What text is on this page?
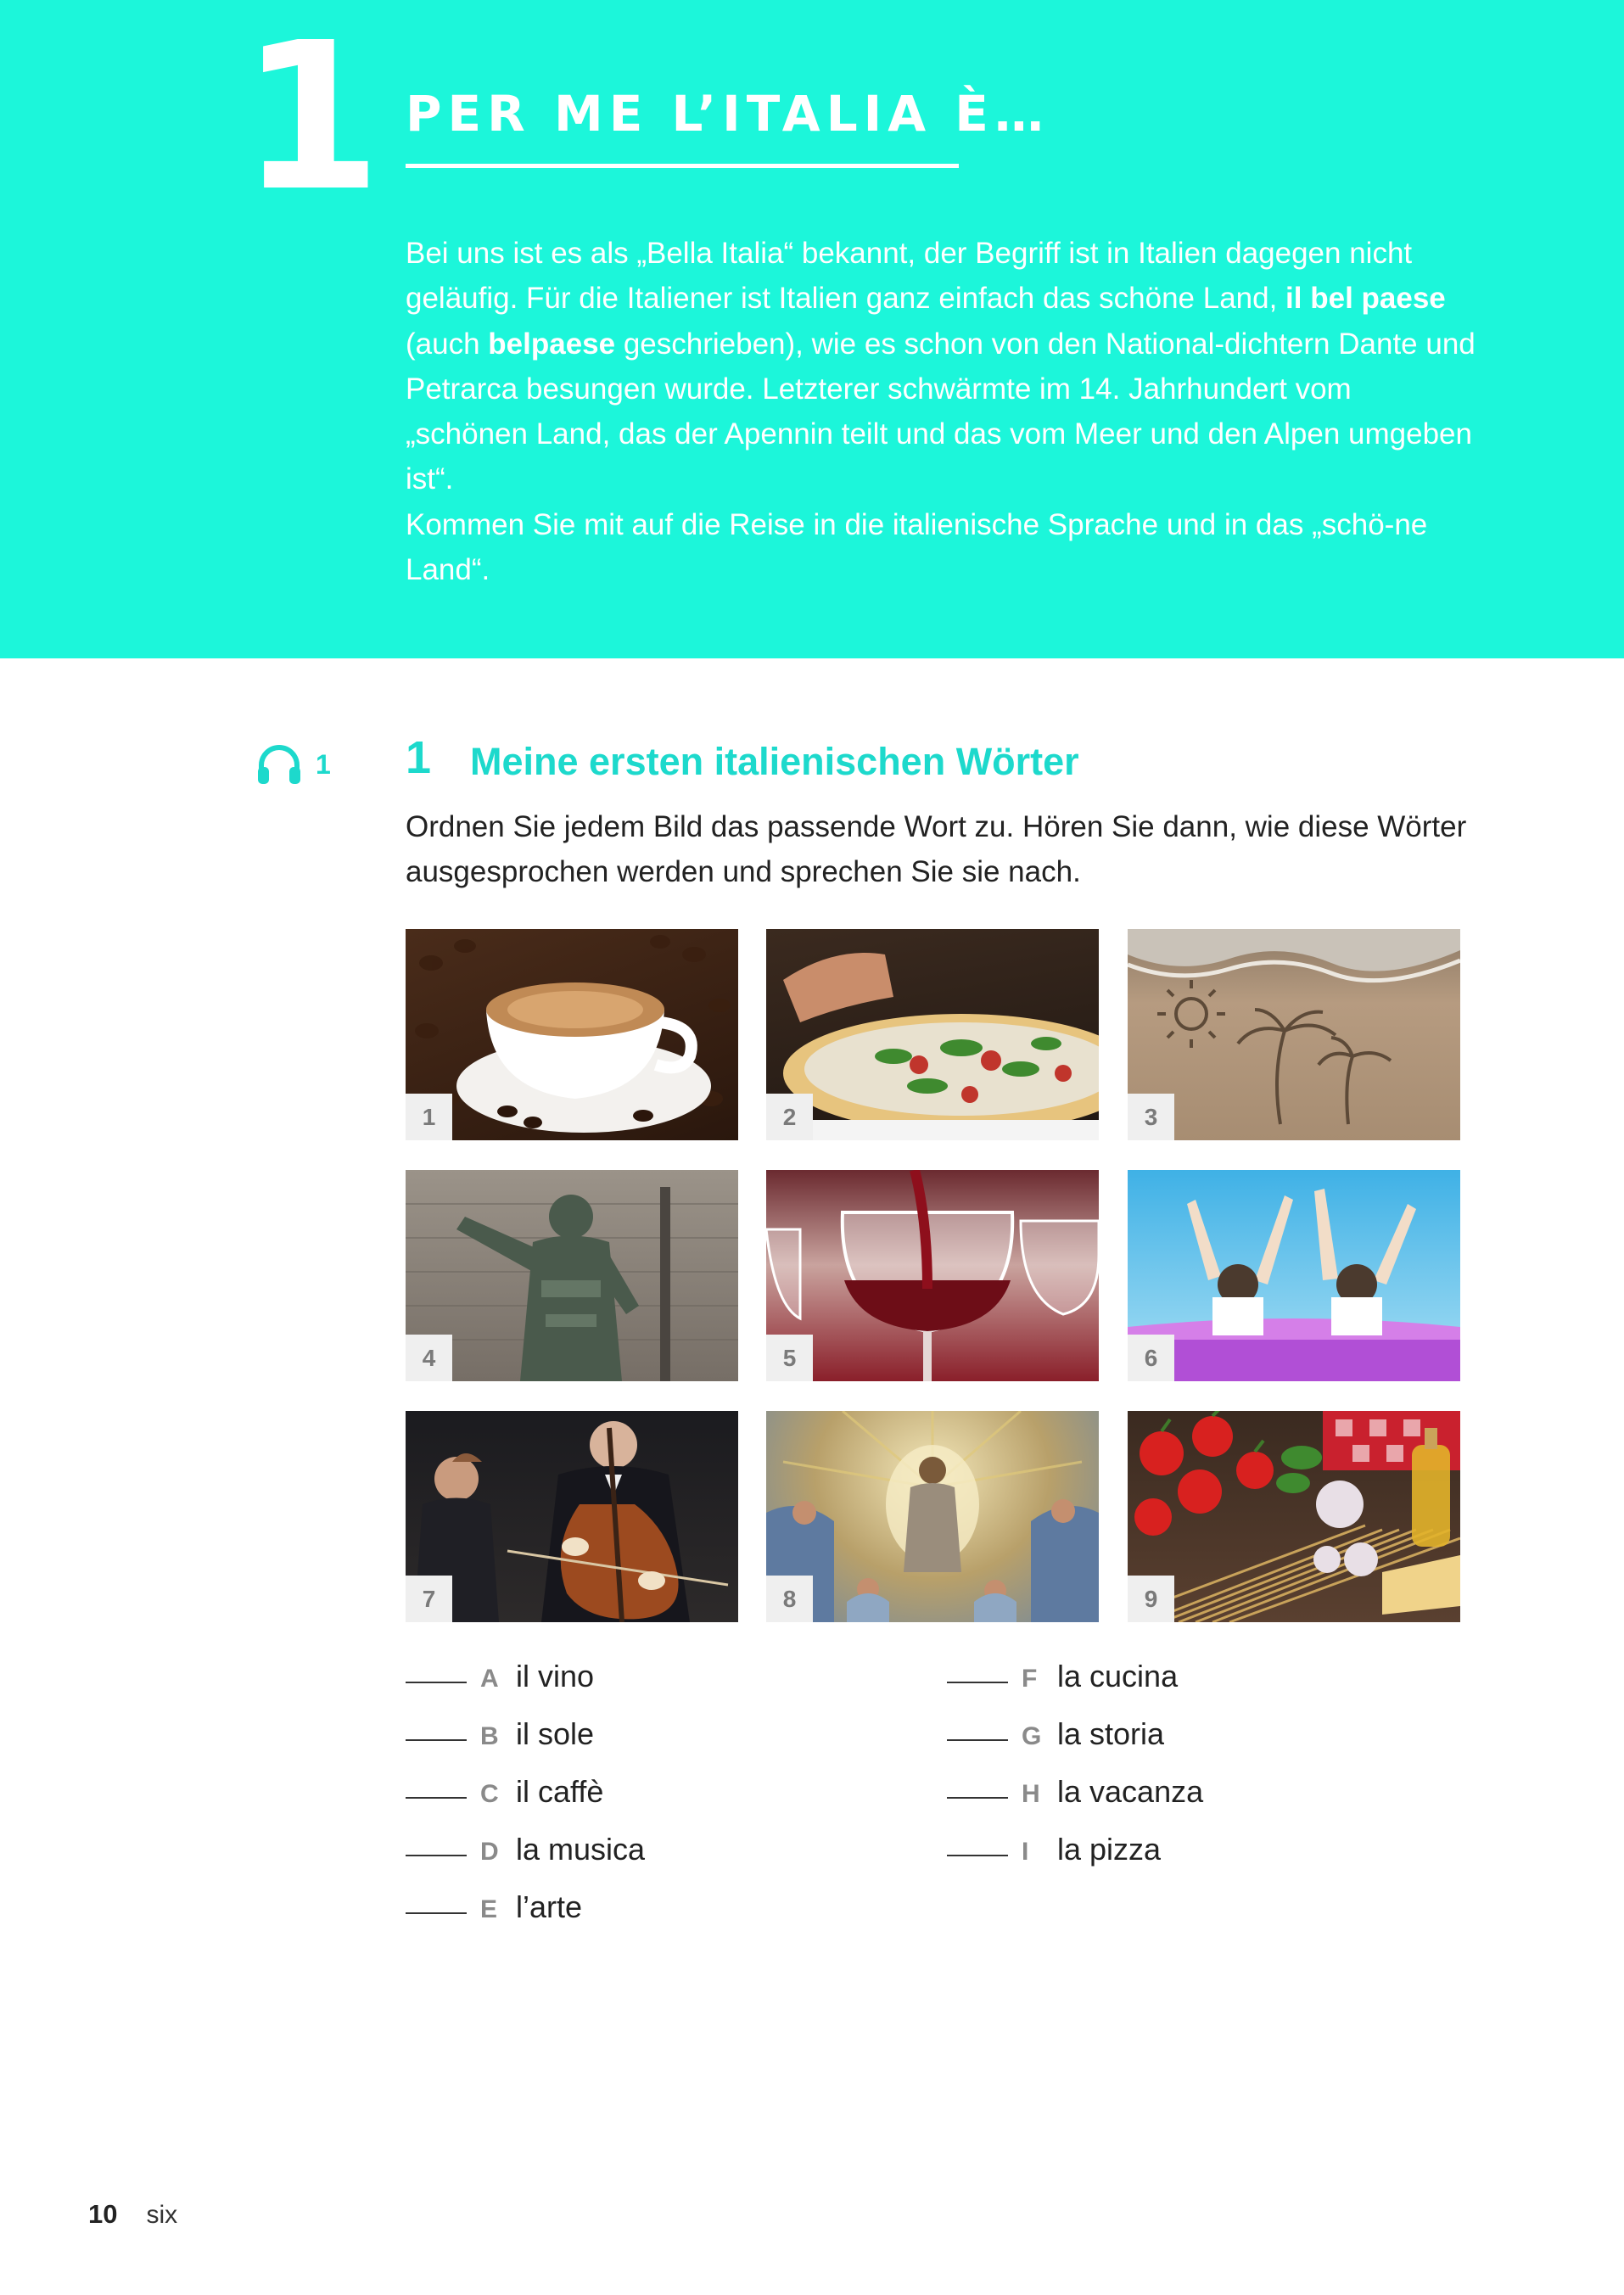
1 PER ME L’ITALIA È…

Bei uns ist es als „Bella Italia“ bekannt, der Begriff ist in Italien dagegen nicht geläufig. Für die Italiener ist Italien ganz einfach das schöne Land, il bel paese (auch belpaese geschrieben), wie es schon von den National-dichtern Dante und Petrarca besungen wurde. Letzterer schwärmte im 14. Jahrhundert vom „schönen Land, das der Apennin teilt und das vom Meer und den Alpen umgeben ist“.

Kommen Sie mit auf die Reise in die italienische Sprache und in das „schö-ne Land“.

1 1 Meine ersten italienischen Wörter
Ordnen Sie jedem Bild das passende Wort zu. Hören Sie dann, wie diese Wörter ausgesprochen werden und sprechen Sie sie nach.
1	2	3
4	5	6
7	8	9
A il vino
B il sole
C il caffè
D la musica
E l’arte
F la cucina
G la storia
H la vacanza
I la pizza
10 six
